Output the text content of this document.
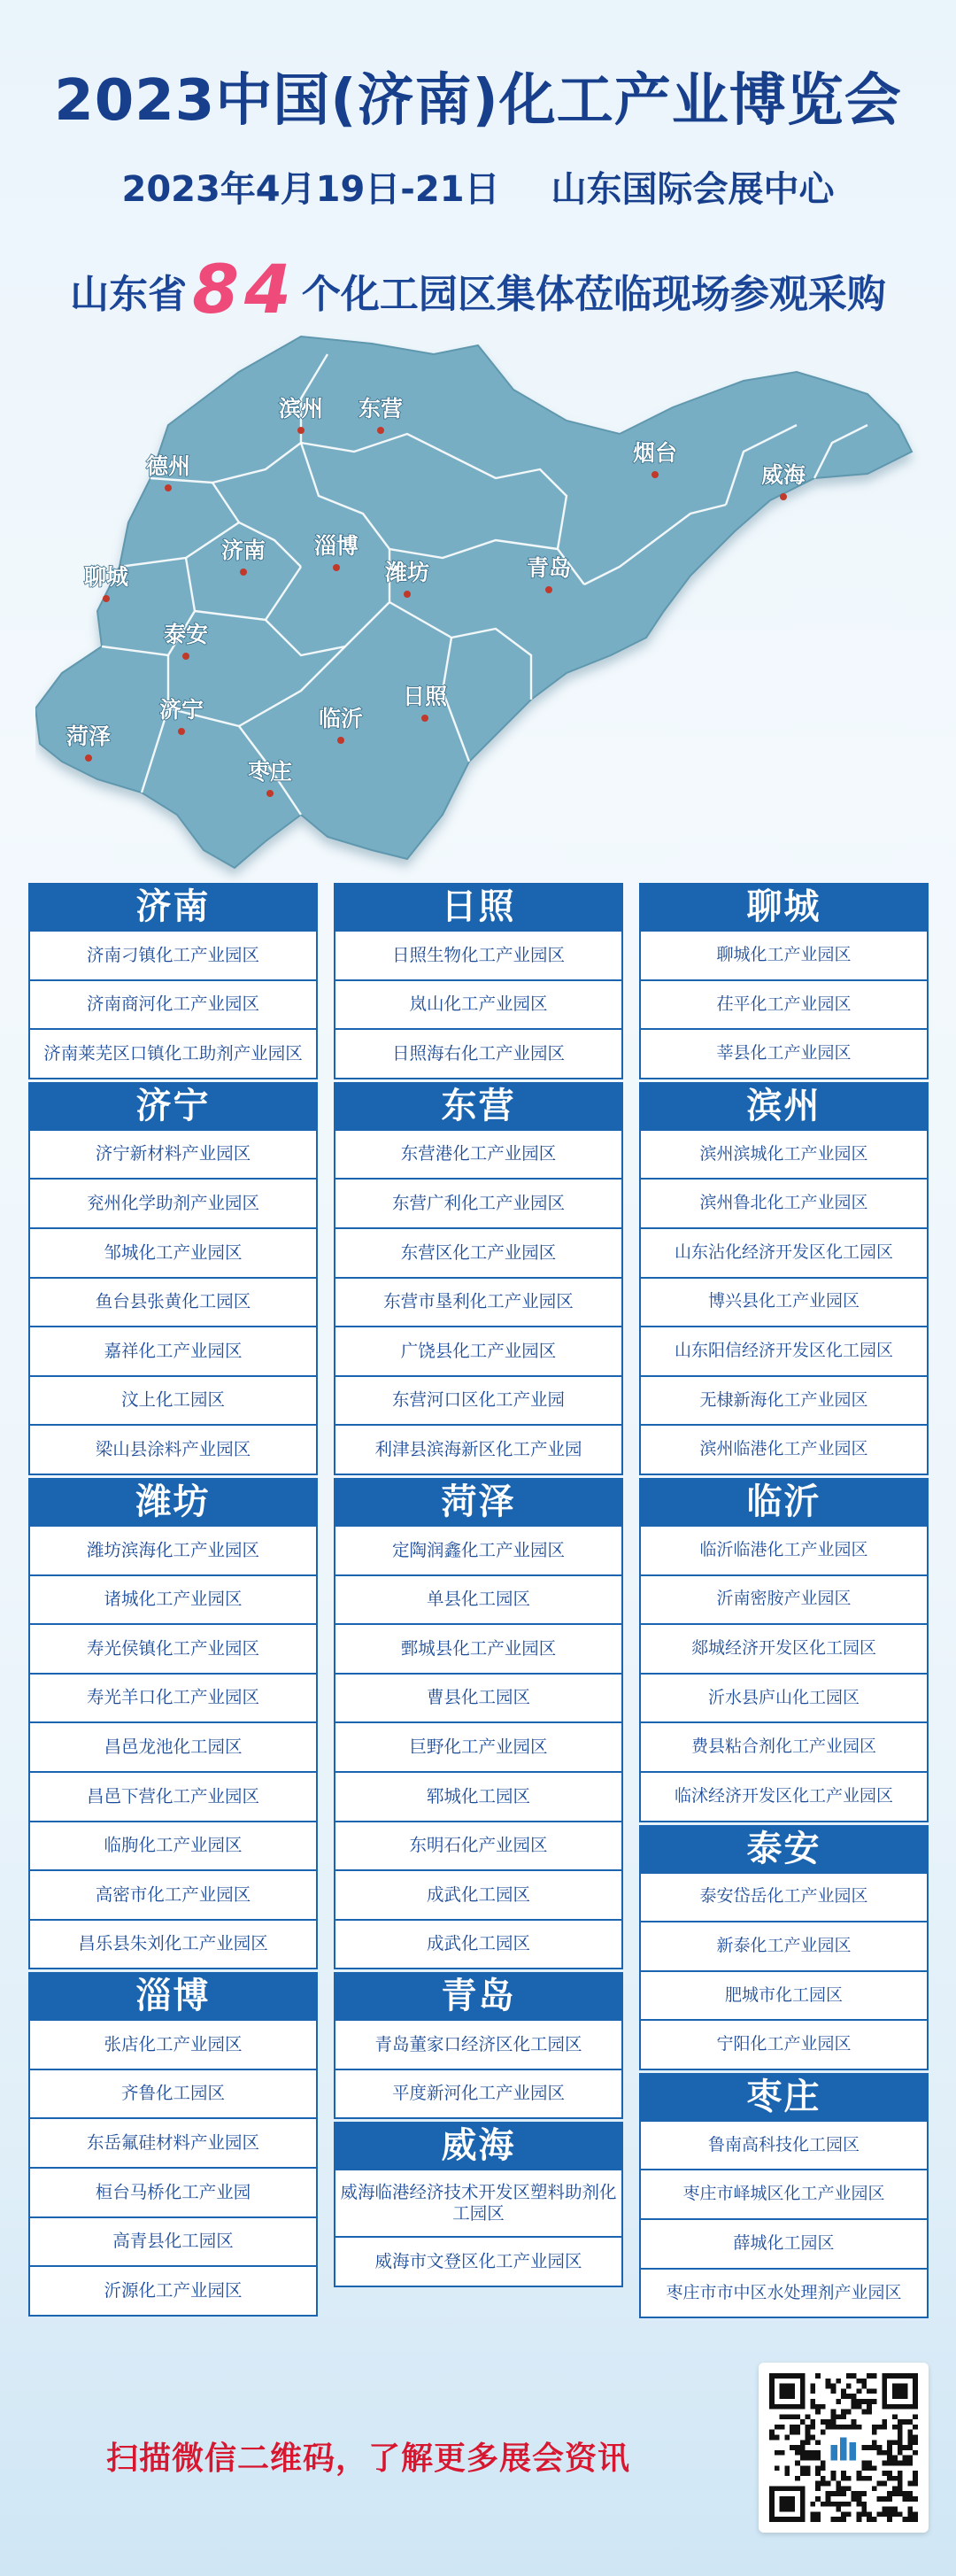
2023中国(济南)化工产业博览会
2023年4月19日-21日 山东国际会展中心
山东省84 个化工园区集体莅临现场参观采购
滨州 东营
德州
烟台
威海
济南 淄博
聊城	潍坊	青岛
泰安
济宁	临沂
日照
菏泽
枣庄
济南
济南刁镇化工产业园区
济南商河化工产业园区
济南莱芜区口镇化工助剂产业园区
济宁
济宁新材料产业园区
兖州化学助剂产业园区
邹城化工产业园区
鱼台县张黄化工园区
嘉祥化工产业园区
汶上化工园区
梁山县涂料产业园区
潍坊
潍坊滨海化工产业园区
诸城化工产业园区
寿光侯镇化工产业园区
寿光羊口化工产业园区
昌邑龙池化工园区
昌邑下营化工产业园区
临朐化工产业园区
高密市化工产业园区
昌乐县朱刘化工产业园区
淄博
张店化工产业园区
齐鲁化工园区
东岳氟硅材料产业园区
桓台马桥化工产业园
高青县化工园区
沂源化工产业园区
日照
日照生物化工产业园区
岚山化工产业园区
日照海右化工产业园区
东营
东营港化工产业园区
东营广利化工产业园区
东营区化工产业园区
东营市垦利化工产业园区
广饶县化工产业园区
东营河口区化工产业园
利津县滨海新区化工产业园
菏泽
定陶润鑫化工产业园区
单县化工园区
鄄城县化工产业园区
曹县化工园区
巨野化工产业园区
郓城化工园区
东明石化产业园区
成武化工园区
成武化工园区
青岛
青岛董家口经济区化工园区
平度新河化工产业园区
威海
威海临港经济技术开发区塑料助剂化工园区
威海市文登区化工产业园区
聊城
聊城化工产业园区
茌平化工产业园区
莘县化工产业园区
滨州
滨州滨城化工产业园区
滨州鲁北化工产业园区
山东沾化经济开发区化工园区
博兴县化工产业园区
山东阳信经济开发区化工园区
无棣新海化工产业园区
滨州临港化工产业园区
临沂
临沂临港化工产业园区
沂南密胺产业园区
郯城经济开发区化工园区
沂水县庐山化工园区
费县粘合剂化工产业园区
临沭经济开发区化工产业园区
泰安
泰安岱岳化工产业园区
新泰化工产业园区
肥城市化工园区
宁阳化工产业园区
枣庄
鲁南高科技化工园区
枣庄市峄城区化工产业园区
薛城化工园区
枣庄市市中区水处理剂产业园区
扫描微信二维码，了解更多展会资讯
